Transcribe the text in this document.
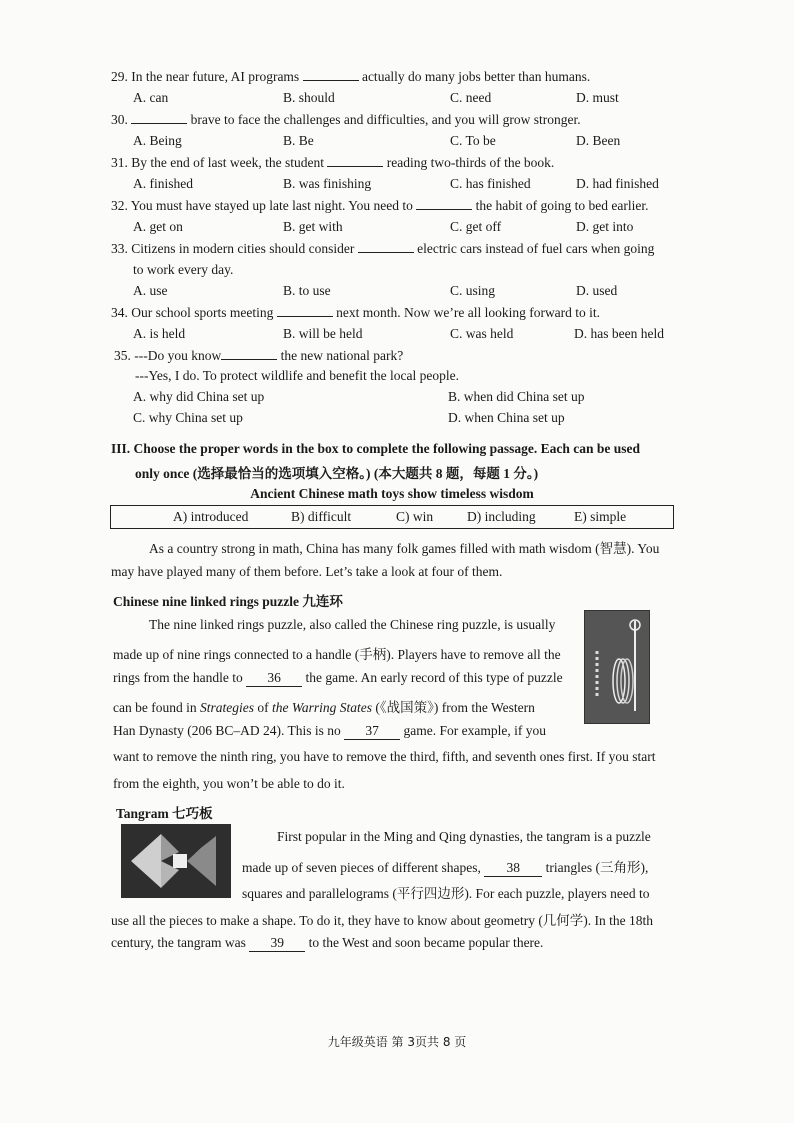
29. In the near future, AI programs	actually do many jobs better than humans.
A. can	B. should	C. need	D. must
30.	brave to face the challenges and difficulties, and you will grow stronger.
A. Being	B. Be	C. To be	D. Been
31. By the end of last week, the student	reading two-thirds of the book.
A. finished	B. was finishing	C. has finished	D. had finished
32. You must have stayed up late last night. You need to	the habit of going to bed earlier.
A. get on	B. get with	C. get off	D. get into
33. Citizens in modern cities should consider	electric cars instead of fuel cars when going
to work every day.
A. use	B. to use	C. using	D. used
34. Our school sports meeting	next month. Now we’re all looking forward to it.
A. is held	B. will be held	C. was held	D. has been held
35. ---Do you know	the new national park?
---Yes, I do. To protect wildlife and benefit the local people.
A. why did China set up	B. when did China set up
C. why China set up	D. when China set up
III. Choose the proper words in the box to complete the following passage. Each can be used
only once (选择最恰当的选项填入空格。) (本大题共 8 题，每题 1 分。)
Ancient Chinese math toys show timeless wisdom
A) introduced	B) difficult	C) win	D) including	E) simple
As a country strong in math, China has many folk games filled with math wisdom (智慧). You
may have played many of them before. Let’s take a look at four of them.
Chinese nine linked rings puzzle 九连环
The nine linked rings puzzle, also called the Chinese ring puzzle, is usually
made up of nine rings connected to a handle (手柄). Players have to remove all the
rings from the handle to 36 the game. An early record of this type of puzzle
can be found in Strategies of the Warring States (《战国策》) from the Western
Han Dynasty (206 BC–AD 24). This is no 37 game. For example, if you
want to remove the ninth ring, you have to remove the third, fifth, and seventh ones first. If you start
from the eighth, you won’t be able to do it.
Tangram 七巧板
First popular in the Ming and Qing dynasties, the tangram is a puzzle
made up of seven pieces of different shapes, 38 triangles (三角形),
squares and parallelograms (平行四边形). For each puzzle, players need to
use all the pieces to make a shape. To do it, they have to know about geometry (几何学). In the 18th
century, the tangram was 39 to the West and soon became popular there.
九年级英语 第 3页共 8 页
